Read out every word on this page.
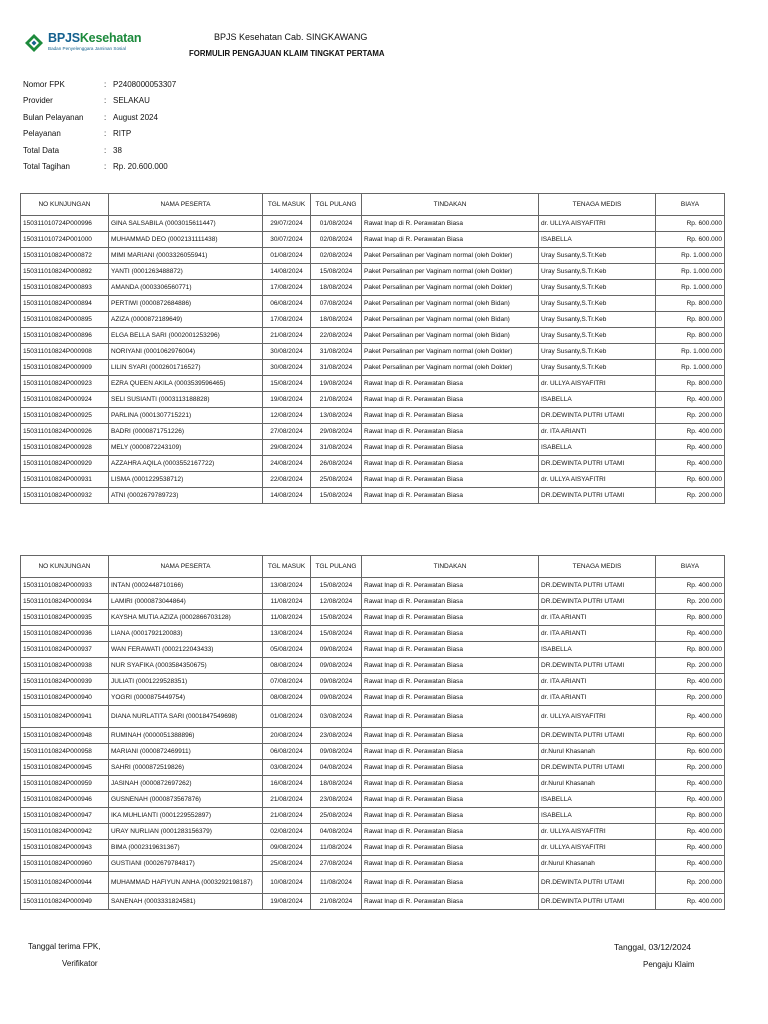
BPJSKesehatan
Badan Penyelenggara Jaminan Sosial
BPJS Kesehatan Cab. SINGKAWANG
FORMULIR PENGAJUAN KLAIM TINGKAT PERTAMA
Nomor FPK	: P2408000053307
Provider	: SELAKAU
Bulan Pelayanan	: August 2024
Pelayanan	: RITP
Total Data	: 38
Total Tagihan	: Rp. 20.600.000
NO KUNJUNGAN	NAMA PESERTA	TGL MASUK	TGL PULANG	TINDAKAN	TENAGA MEDIS	BIAYA
150311010724P000996	GINA SALSABILA (0003015611447)	29/07/2024	01/08/2024	Rawat Inap di R. Perawatan Biasa	dr. ULLYA AISYAFITRI	Rp. 600.000
150311010724P001000	MUHAMMAD DEO (0002131111438)	30/07/2024	02/08/2024	Rawat Inap di R. Perawatan Biasa	ISABELLA	Rp. 600.000
150311010824P000872	MIMI MARIANI (0003326055941)	01/08/2024	02/08/2024	Paket Persalinan per Vaginam normal (oleh Dokter)	Uray Susanty,S.Tr.Keb	Rp. 1.000.000
150311010824P000892	YANTI (0001263488872)	14/08/2024	15/08/2024	Paket Persalinan per Vaginam normal (oleh Dokter)	Uray Susanty,S.Tr.Keb	Rp. 1.000.000
150311010824P000893	AMANDA (0003306560771)	17/08/2024	18/08/2024	Paket Persalinan per Vaginam normal (oleh Dokter)	Uray Susanty,S.Tr.Keb	Rp. 1.000.000
150311010824P000894	PERTIWI (0000872684886)	06/08/2024	07/08/2024	Paket Persalinan per Vaginam normal (oleh Bidan)	Uray Susanty,S.Tr.Keb	Rp. 800.000
150311010824P000895	AZIZA (0000872189649)	17/08/2024	18/08/2024	Paket Persalinan per Vaginam normal (oleh Bidan)	Uray Susanty,S.Tr.Keb	Rp. 800.000
150311010824P000896	ELGA BELLA SARI (0002001253296)	21/08/2024	22/08/2024	Paket Persalinan per Vaginam normal (oleh Bidan)	Uray Susanty,S.Tr.Keb	Rp. 800.000
150311010824P000908	NORIYANI (0001062976004)	30/08/2024	31/08/2024	Paket Persalinan per Vaginam normal (oleh Dokter)	Uray Susanty,S.Tr.Keb	Rp. 1.000.000
150311010824P000909	LILIN SYARI (0002601716527)	30/08/2024	31/08/2024	Paket Persalinan per Vaginam normal (oleh Dokter)	Uray Susanty,S.Tr.Keb	Rp. 1.000.000
150311010824P000923	EZRA QUEEN AKILA (0003539596465)	15/08/2024	19/08/2024	Rawat Inap di R. Perawatan Biasa	dr. ULLYA AISYAFITRI	Rp. 800.000
150311010824P000924	SELI SUSIANTI (0003113188828)	19/08/2024	21/08/2024	Rawat Inap di R. Perawatan Biasa	ISABELLA	Rp. 400.000
150311010824P000925	PARLINA (0001307715221)	12/08/2024	13/08/2024	Rawat Inap di R. Perawatan Biasa	DR.DEWINTA PUTRI UTAMI	Rp. 200.000
150311010824P000926	BADRI (0000871751226)	27/08/2024	29/08/2024	Rawat Inap di R. Perawatan Biasa	dr. ITA ARIANTI	Rp. 400.000
150311010824P000928	MELY (0000872243109)	29/08/2024	31/08/2024	Rawat Inap di R. Perawatan Biasa	ISABELLA	Rp. 400.000
150311010824P000929	AZZAHRA AQILA (0003552167722)	24/08/2024	26/08/2024	Rawat Inap di R. Perawatan Biasa	DR.DEWINTA PUTRI UTAMI	Rp. 400.000
150311010824P000931	LISMA (0001229538712)	22/08/2024	25/08/2024	Rawat Inap di R. Perawatan Biasa	dr. ULLYA AISYAFITRI	Rp. 600.000
150311010824P000932	ATNI (0002679789723)	14/08/2024	15/08/2024	Rawat Inap di R. Perawatan Biasa	DR.DEWINTA PUTRI UTAMI	Rp. 200.000
NO KUNJUNGAN	NAMA PESERTA	TGL MASUK	TGL PULANG	TINDAKAN	TENAGA MEDIS	BIAYA
150311010824P000933	INTAN (0002448710166)	13/08/2024	15/08/2024	Rawat Inap di R. Perawatan Biasa	DR.DEWINTA PUTRI UTAMI	Rp. 400.000
150311010824P000934	LAMIRI (0000873044864)	11/08/2024	12/08/2024	Rawat Inap di R. Perawatan Biasa	DR.DEWINTA PUTRI UTAMI	Rp. 200.000
150311010824P000935	KAYSHA MUTIA AZIZA (0002866703128)	11/08/2024	15/08/2024	Rawat Inap di R. Perawatan Biasa	dr. ITA ARIANTI	Rp. 800.000
150311010824P000936	LIANA (0001792120083)	13/08/2024	15/08/2024	Rawat Inap di R. Perawatan Biasa	dr. ITA ARIANTI	Rp. 400.000
150311010824P000937	WAN FERAWATI (0002122043433)	05/08/2024	09/08/2024	Rawat Inap di R. Perawatan Biasa	ISABELLA	Rp. 800.000
150311010824P000938	NUR SYAFIKA (0003584350675)	08/08/2024	09/08/2024	Rawat Inap di R. Perawatan Biasa	DR.DEWINTA PUTRI UTAMI	Rp. 200.000
150311010824P000939	JULIATI (0001229528351)	07/08/2024	09/08/2024	Rawat Inap di R. Perawatan Biasa	dr. ITA ARIANTI	Rp. 400.000
150311010824P000940	YOGRI (0000875449754)	08/08/2024	09/08/2024	Rawat Inap di R. Perawatan Biasa	dr. ITA ARIANTI	Rp. 200.000
150311010824P000941	DIANA NURLATITA SARI (0001847549698)	01/08/2024	03/08/2024	Rawat Inap di R. Perawatan Biasa	dr. ULLYA AISYAFITRI	Rp. 400.000
150311010824P000948	RUMINAH (0000051388896)	20/08/2024	23/08/2024	Rawat Inap di R. Perawatan Biasa	DR.DEWINTA PUTRI UTAMI	Rp. 600.000
150311010824P000958	MARIANI (0000872469911)	06/08/2024	09/08/2024	Rawat Inap di R. Perawatan Biasa	dr.Nurul Khasanah	Rp. 600.000
150311010824P000945	SAHRI (0000872519826)	03/08/2024	04/08/2024	Rawat Inap di R. Perawatan Biasa	DR.DEWINTA PUTRI UTAMI	Rp. 200.000
150311010824P000959	JASINAH (0000872697262)	16/08/2024	18/08/2024	Rawat Inap di R. Perawatan Biasa	dr.Nurul Khasanah	Rp. 400.000
150311010824P000946	GUSNENAH (0000873567876)	21/08/2024	23/08/2024	Rawat Inap di R. Perawatan Biasa	ISABELLA	Rp. 400.000
150311010824P000947	IKA MUHLIANTI (0001229552897)	21/08/2024	25/08/2024	Rawat Inap di R. Perawatan Biasa	ISABELLA	Rp. 800.000
150311010824P000942	URAY NURLIAN (0001283156379)	02/08/2024	04/08/2024	Rawat Inap di R. Perawatan Biasa	dr. ULLYA AISYAFITRI	Rp. 400.000
150311010824P000943	BIMA (0002319631367)	09/08/2024	11/08/2024	Rawat Inap di R. Perawatan Biasa	dr. ULLYA AISYAFITRI	Rp. 400.000
150311010824P000960	GUSTIANI (0002679784817)	25/08/2024	27/08/2024	Rawat Inap di R. Perawatan Biasa	dr.Nurul Khasanah	Rp. 400.000
150311010824P000944	MUHAMMAD HAFIYUN ANHA (0003292198187)	10/08/2024	11/08/2024	Rawat Inap di R. Perawatan Biasa	DR.DEWINTA PUTRI UTAMI	Rp. 200.000
150311010824P000949	SANENAH (0003331824581)	19/08/2024	21/08/2024	Rawat Inap di R. Perawatan Biasa	DR.DEWINTA PUTRI UTAMI	Rp. 400.000
Tanggal terima FPK,
Verifikator
Tanggal, 03/12/2024
Pengaju Klaim
